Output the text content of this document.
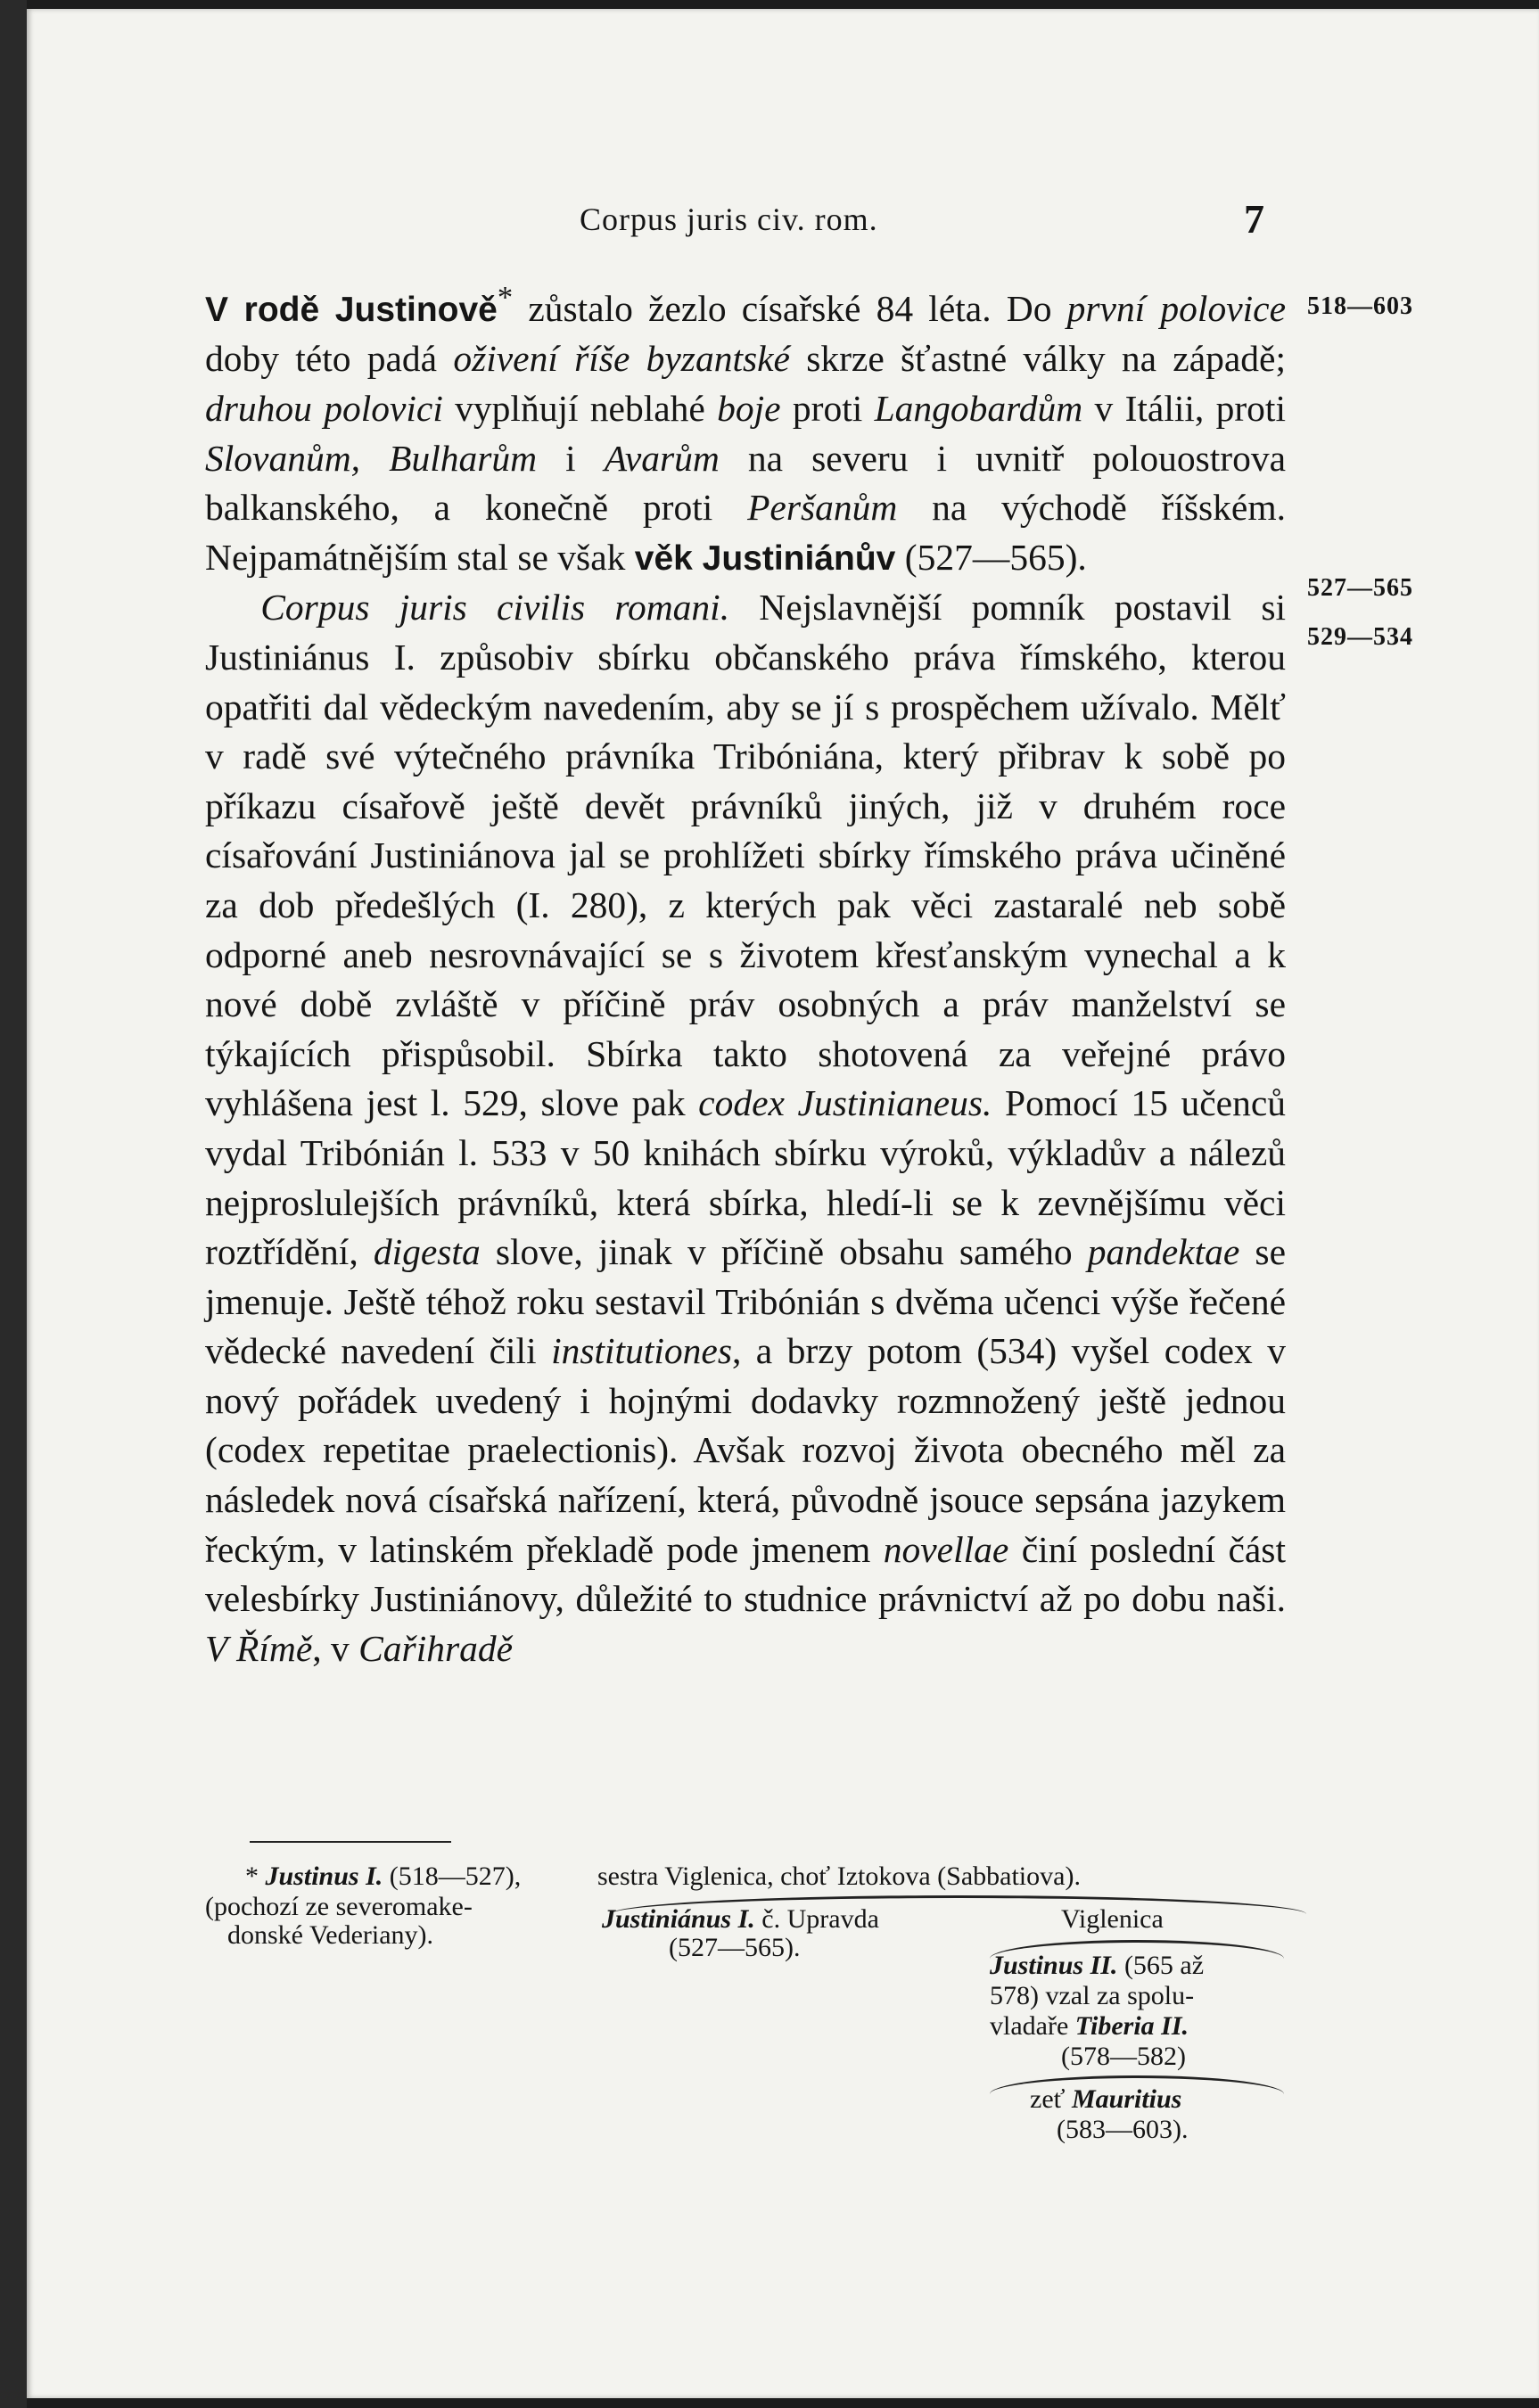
Corpus juris civ. rom.	7
518—603
527—565
529—534

V rodě Justinově* zůstalo žezlo císařské 84 léta. Do první polovice doby této padá oživení říše byzantské skrze šťastné války na západě; druhou polovici vyplňují neblahé boje proti Langobardům v Itálii, proti Slovanům, Bulharům i Avarům na severu i uvnitř polouostrova balkanského, a konečně proti Peršanům na východě říšském. Nejpamátnějším stal se však věk Justiniánův (527—565).

  Corpus juris civilis romani. Nejslavnější pomník postavil si Justiniánus I. způsobiv sbírku občanského práva římského, kterou opatřiti dal vědeckým navedením, aby se jí s prospěchem užívalo. Mělť v radě své výtečného právníka Tribóniána, který přibrav k sobě po příkazu císařově ještě devět právníků jiných, již v druhém roce císařování Justiniánova jal se prohlížeti sbírky římského práva učiněné za dob předešlých (I. 280), z kterých pak věci zastaralé neb sobě odporné aneb nesrovnávající se s životem křesťanským vynechal a k nové době zvláště v příčině práv osobných a práv manželství se týkajících přispůsobil. Sbírka takto shotovená za veřejné právo vyhlášena jest l. 529, slove pak codex Justinianeus. Pomocí 15 učenců vydal Tribónián l. 533 v 50 knihách sbírku výroků, výkladův a nálezů nejproslulejších právníků, která sbírka, hledí-li se k zevnějšímu věci roztřídění, digesta slove, jinak v příčině obsahu samého pandektae se jmenuje. Ještě téhož roku sestavil Tribónián s dvěma učenci výše řečené vědecké navedení čili institutiones, a brzy potom (534) vyšel codex v nový pořádek uvedený i hojnými dodavky rozmnožený ještě jednou (codex repetitae praelectionis). Avšak rozvoj života obecného měl za následek nová císařská nařízení, která, původně jsouce sepsána jazykem řeckým, v latinském překladě pode jmenem novellae činí poslední část velesbírky Justiniánovy, důležité to studnice právnictví až po dobu naši. V Římě, v Cařihradě

* Justinus I. (518—527),
(pochozí ze severomake-
donské Vederiany).
sestra Viglenica, choť Iztokova (Sabbatiova).
Justiniánus I. č. Upravda
(527—565).
Viglenica
Justinus II. (565 až
578) vzal za spolu-
vladaře Tiberia II.
(578—582)
zeť Mauritius
(583—603).
